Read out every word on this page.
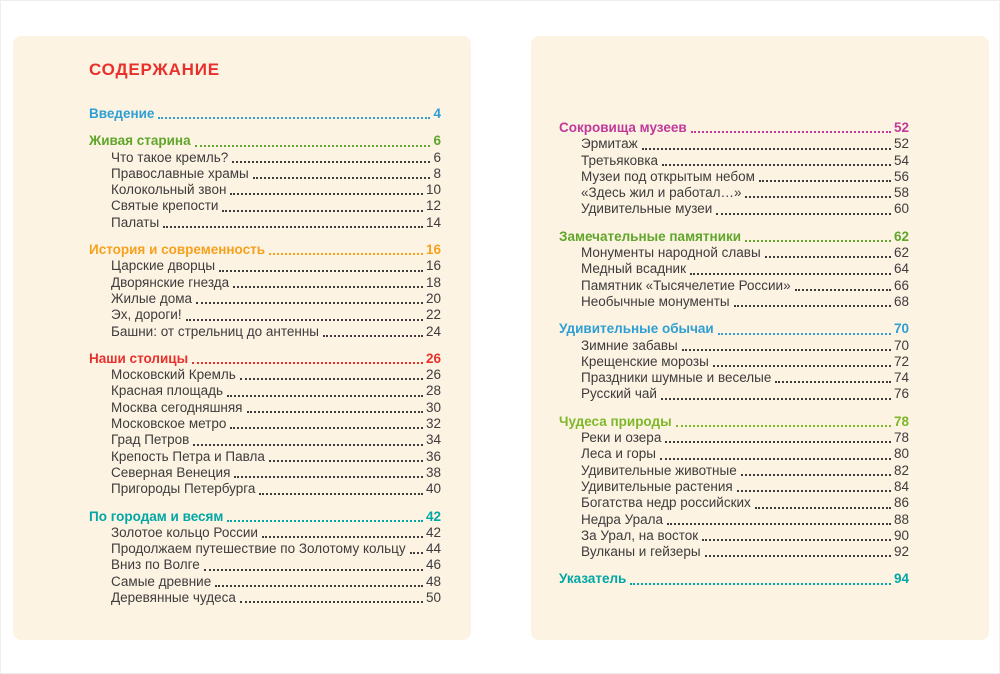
СОДЕРЖАНИЕ
Введение	4
Живая старина	6
Что такое кремль?	6
Православные храмы	8
Колокольный звон	10
Святые крепости	12
Палаты	14
История и современность	16
Царские дворцы	16
Дворянские гнезда	18
Жилые дома	20
Эх, дороги!	22
Башни: от стрельниц до антенны	24
Наши столицы	26
Московский Кремль	26
Красная площадь	28
Москва сегодняшняя	30
Московское метро	32
Град Петров	34
Крепость Петра и Павла	36
Северная Венеция	38
Пригороды Петербурга	40
По городам и весям	42
Золотое кольцо России	42
Продолжаем путешествие по Золотому кольцу 44
Вниз по Волге	46
Самые древние	48
Деревянные чудеса	50
Сокровища музеев	52
Эрмитаж	52
Третьяковка	54
Музеи под открытым небом	56
«Здесь жил и работал…»	58
Удивительные музеи	60
Замечательные памятники	62
Монументы народной славы	62
Медный всадник	64
Памятник «Тысячелетие России»	66
Необычные монументы	68
Удивительные обычаи	70
Зимние забавы	70
Крещенские морозы	72
Праздники шумные и веселые	74
Русский чай	76
Чудеса природы	78
Реки и озера	78
Леса и горы	80
Удивительные животные	82
Удивительные растения	84
Богатства недр российских	86
Недра Урала	88
За Урал, на восток	90
Вулканы и гейзеры	92
Указатель	94
